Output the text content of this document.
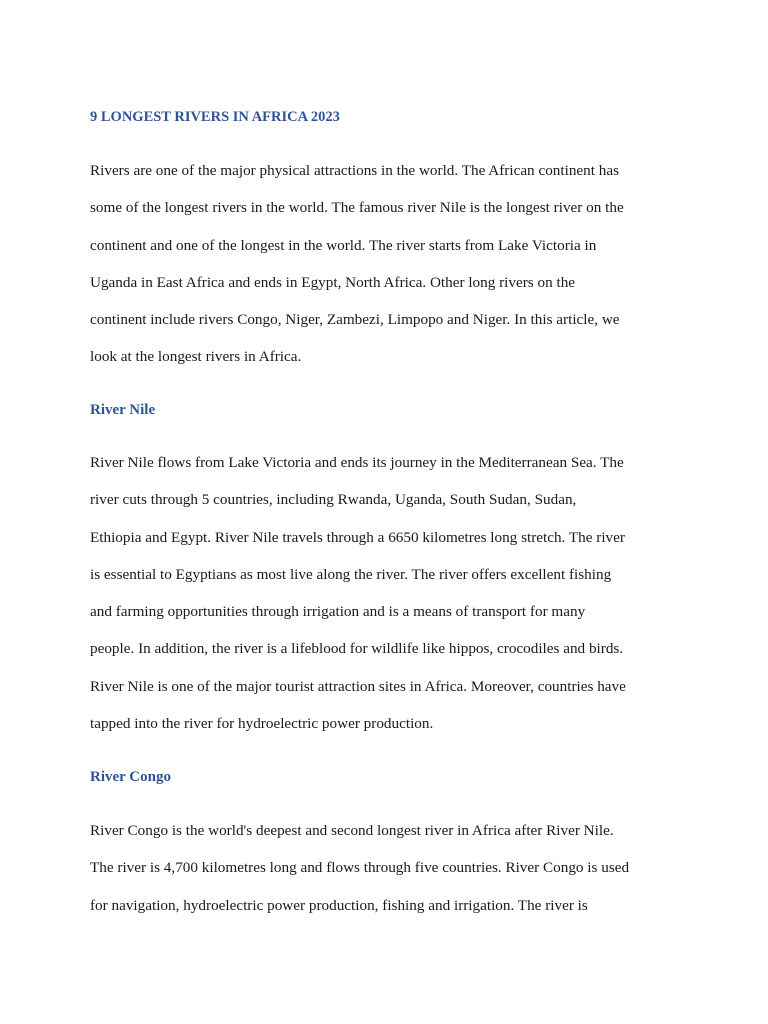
9 LONGEST RIVERS IN AFRICA 2023
Rivers are one of the major physical attractions in the world. The African continent has
some of the longest rivers in the world. The famous river Nile is the longest river on the
continent and one of the longest in the world. The river starts from Lake Victoria in
Uganda in East Africa and ends in Egypt, North Africa. Other long rivers on the
continent include rivers Congo, Niger, Zambezi, Limpopo and Niger. In this article, we
look at the longest rivers in Africa.
River Nile
River Nile flows from Lake Victoria and ends its journey in the Mediterranean Sea. The
river cuts through 5 countries, including Rwanda, Uganda, South Sudan, Sudan,
Ethiopia and Egypt. River Nile travels through a 6650 kilometres long stretch. The river
is essential to Egyptians as most live along the river. The river offers excellent fishing
and farming opportunities through irrigation and is a means of transport for many
people. In addition, the river is a lifeblood for wildlife like hippos, crocodiles and birds.
River Nile is one of the major tourist attraction sites in Africa. Moreover, countries have
tapped into the river for hydroelectric power production.
River Congo
River Congo is the world's deepest and second longest river in Africa after River Nile.
The river is 4,700 kilometres long and flows through five countries. River Congo is used
for navigation, hydroelectric power production, fishing and irrigation. The river is
